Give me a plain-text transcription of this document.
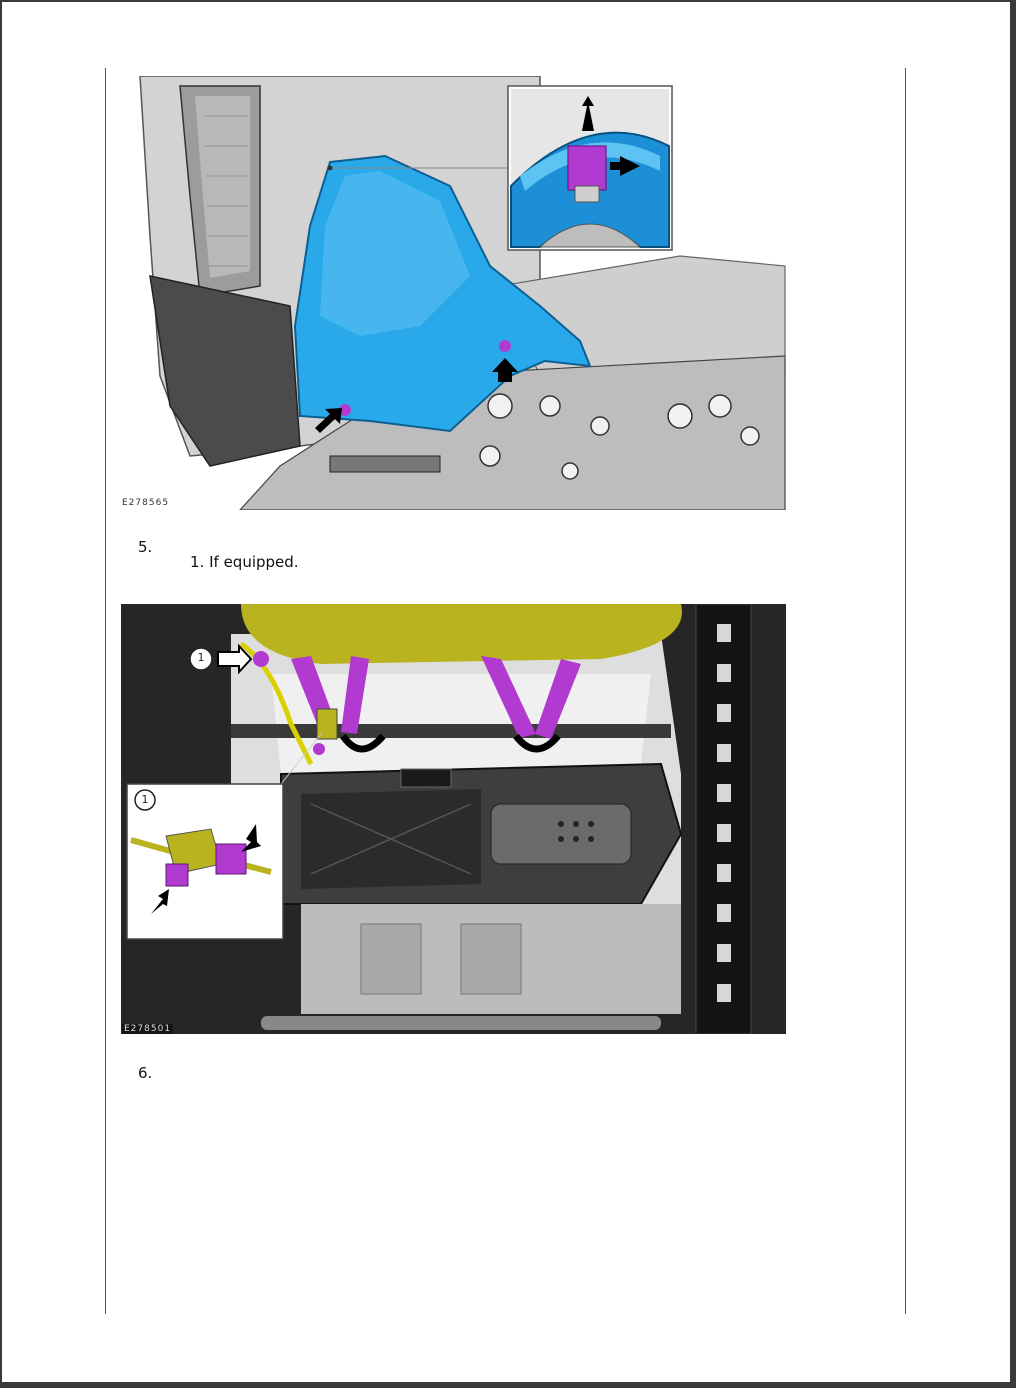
E278565
5.
1. If equipped.
1
1
E278501
6.
